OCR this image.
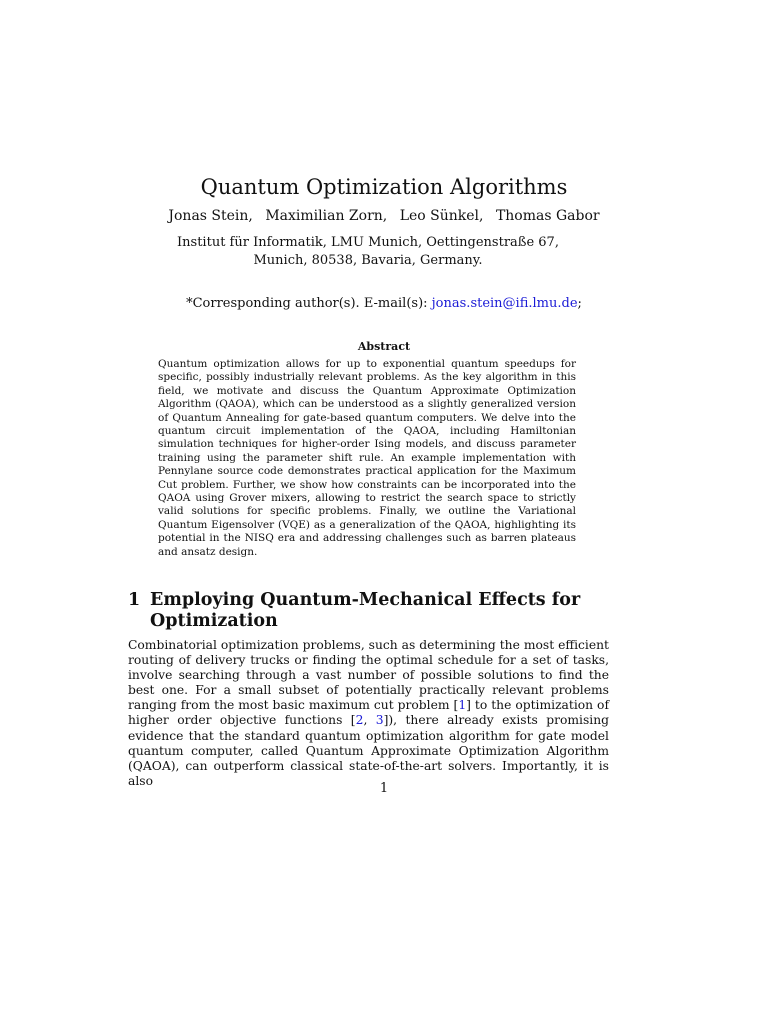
Quantum Optimization Algorithms
Jonas Stein, Maximilian Zorn, Leo Sünkel, Thomas Gabor
Institut für Informatik, LMU Munich, Oettingenstraße 67, Munich, 80538, Bavaria, Germany.
*Corresponding author(s). E-mail(s): jonas.stein@ifi.lmu.de;
Abstract

Quantum optimization allows for up to exponential quantum speedups for specific, possibly industrially relevant problems. As the key algorithm in this field, we motivate and discuss the Quantum Approximate Optimization Algorithm (QAOA), which can be understood as a slightly generalized version of Quantum Annealing for gate-based quantum computers. We delve into the quantum circuit implementation of the QAOA, including Hamiltonian simulation techniques for higher-order Ising models, and discuss parameter training using the parameter shift rule. An example implementation with Pennylane source code demonstrates practical application for the Maximum Cut problem. Further, we show how constraints can be incorporated into the QAOA using Grover mixers, allowing to restrict the search space to strictly valid solutions for specific problems. Finally, we outline the Variational Quantum Eigensolver (VQE) as a generalization of the QAOA, highlighting its potential in the NISQ era and addressing challenges such as barren plateaus and ansatz design.

1 Employing Quantum-Mechanical Effects for Optimization

Combinatorial optimization problems, such as determining the most efficient routing of delivery trucks or finding the optimal schedule for a set of tasks, involve searching through a vast number of possible solutions to find the best one. For a small subset of potentially practically relevant problems ranging from the most basic maximum cut problem [1] to the optimization of higher order objective functions [2, 3]), there already exists promising evidence that the standard quantum optimization algorithm for gate model quantum computer, called Quantum Approximate Optimization Algorithm (QAOA), can outperform classical state-of-the-art solvers. Importantly, it is also

1
